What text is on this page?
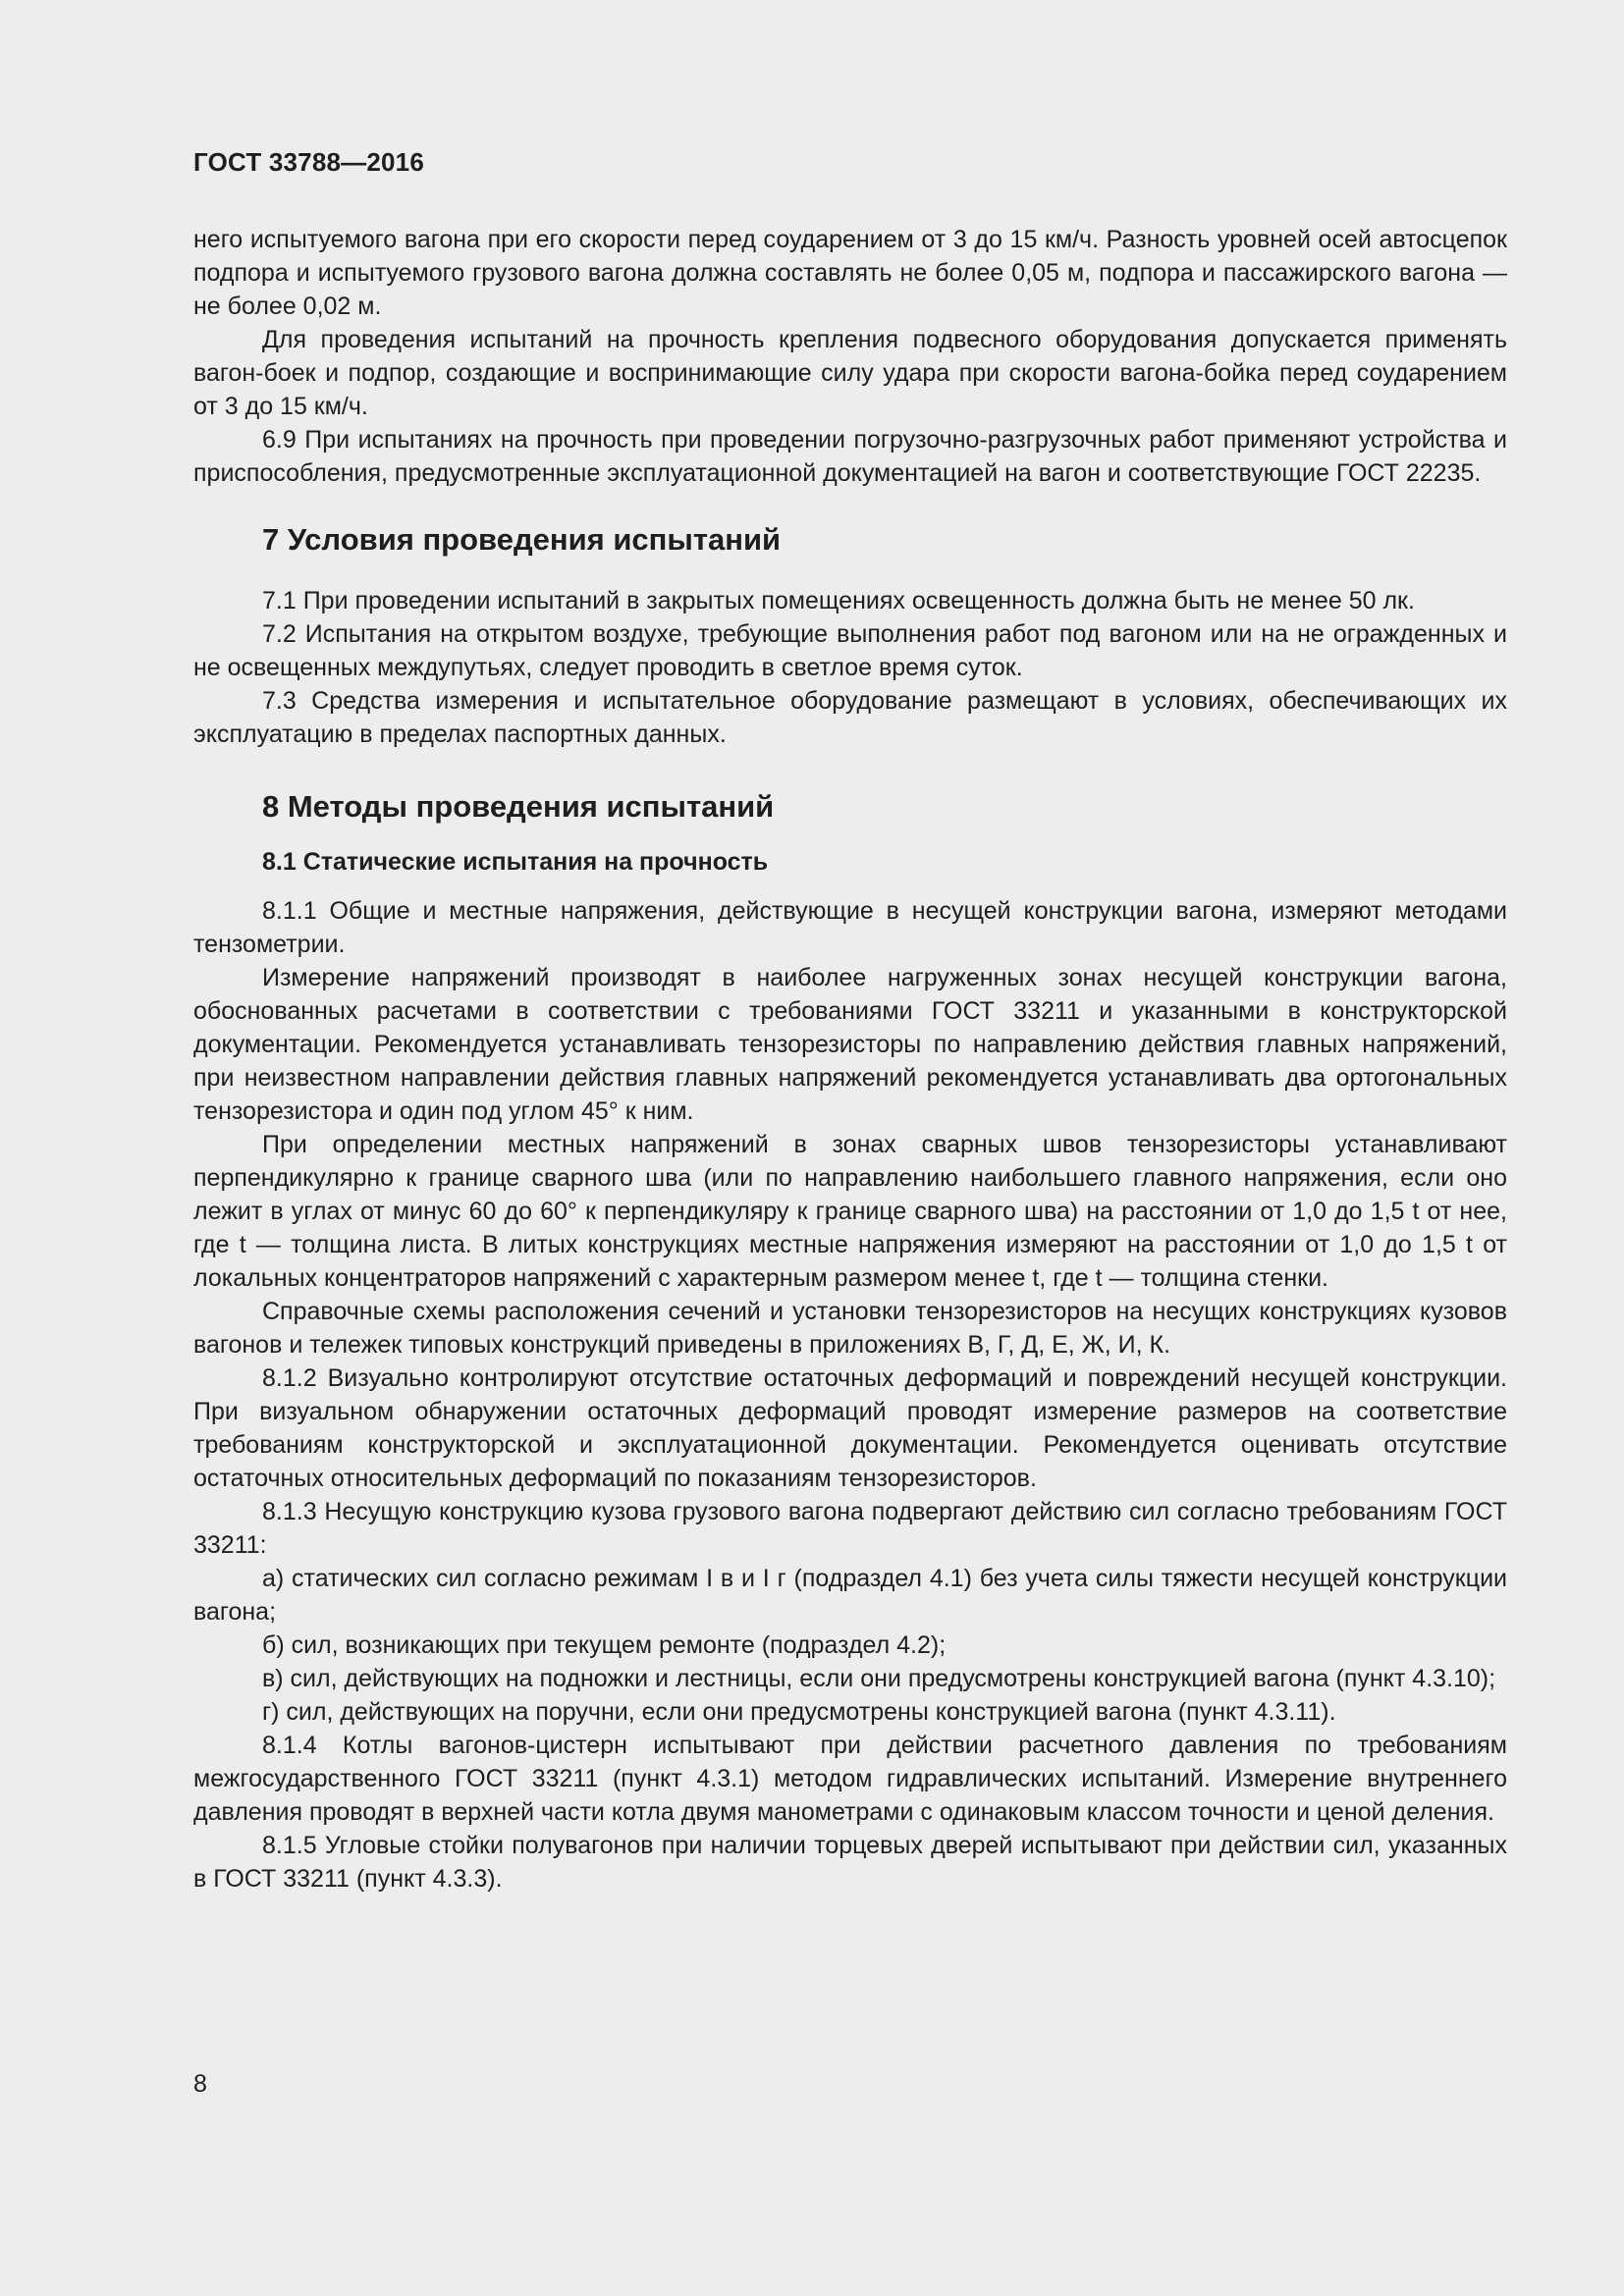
ГОСТ 33788—2016

него испытуемого вагона при его скорости перед соударением от 3 до 15 км/ч. Разность уровней осей автосцепок подпора и испытуемого грузового вагона должна составлять не более 0,05 м, подпора и пассажирского вагона — не более 0,02 м.

Для проведения испытаний на прочность крепления подвесного оборудования допускается применять вагон-боек и подпор, создающие и воспринимающие силу удара при скорости вагона-бойка перед соударением от 3 до 15 км/ч.

6.9 При испытаниях на прочность при проведении погрузочно-разгрузочных работ применяют устройства и приспособления, предусмотренные эксплуатационной документацией на вагон и соответствующие ГОСТ 22235.

7 Условия проведения испытаний

7.1 При проведении испытаний в закрытых помещениях освещенность должна быть не менее 50 лк.

7.2 Испытания на открытом воздухе, требующие выполнения работ под вагоном или на не огражденных и не освещенных междупутьях, следует проводить в светлое время суток.

7.3 Средства измерения и испытательное оборудование размещают в условиях, обеспечивающих их эксплуатацию в пределах паспортных данных.

8 Методы проведения испытаний
8.1 Статические испытания на прочность

8.1.1 Общие и местные напряжения, действующие в несущей конструкции вагона, измеряют методами тензометрии.

Измерение напряжений производят в наиболее нагруженных зонах несущей конструкции вагона, обоснованных расчетами в соответствии с требованиями ГОСТ 33211 и указанными в конструкторской документации. Рекомендуется устанавливать тензорезисторы по направлению действия главных напряжений, при неизвестном направлении действия главных напряжений рекомендуется устанавливать два ортогональных тензорезистора и один под углом 45° к ним.

При определении местных напряжений в зонах сварных швов тензорезисторы устанавливают перпендикулярно к границе сварного шва (или по направлению наибольшего главного напряжения, если оно лежит в углах от минус 60 до 60° к перпендикуляру к границе сварного шва) на расстоянии от 1,0 до 1,5 t от нее, где t — толщина листа. В литых конструкциях местные напряжения измеряют на расстоянии от 1,0 до 1,5 t от локальных концентраторов напряжений с характерным размером менее t, где t — толщина стенки.

Справочные схемы расположения сечений и установки тензорезисторов на несущих конструкциях кузовов вагонов и тележек типовых конструкций приведены в приложениях В, Г, Д, Е, Ж, И, К.

8.1.2 Визуально контролируют отсутствие остаточных деформаций и повреждений несущей конструкции. При визуальном обнаружении остаточных деформаций проводят измерение размеров на соответствие требованиям конструкторской и эксплуатационной документации. Рекомендуется оценивать отсутствие остаточных относительных деформаций по показаниям тензорезисторов.

8.1.3 Несущую конструкцию кузова грузового вагона подвергают действию сил согласно требованиям ГОСТ 33211:

а) статических сил согласно режимам I в и I г (подраздел 4.1) без учета силы тяжести несущей конструкции вагона;

б) сил, возникающих при текущем ремонте (подраздел 4.2);

в) сил, действующих на подножки и лестницы, если они предусмотрены конструкцией вагона (пункт 4.3.10);

г) сил, действующих на поручни, если они предусмотрены конструкцией вагона (пункт 4.3.11).

8.1.4 Котлы вагонов-цистерн испытывают при действии расчетного давления по требованиям межгосударственного ГОСТ 33211 (пункт 4.3.1) методом гидравлических испытаний. Измерение внутреннего давления проводят в верхней части котла двумя манометрами с одинаковым классом точности и ценой деления.

8.1.5 Угловые стойки полувагонов при наличии торцевых дверей испытывают при действии сил, указанных в ГОСТ 33211 (пункт 4.3.3).

8
